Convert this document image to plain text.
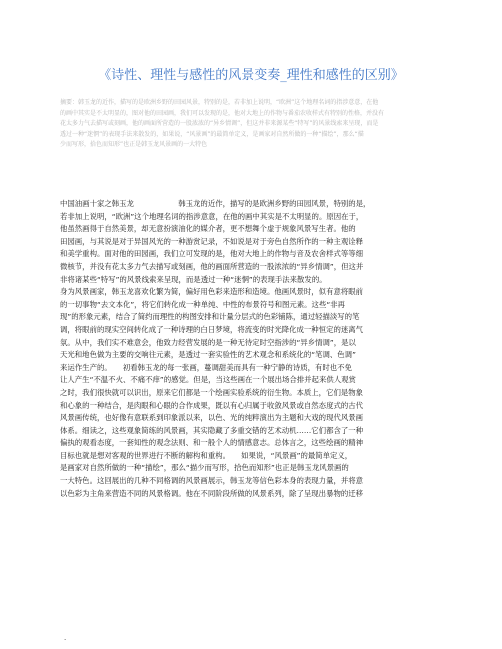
《诗性、理性与感性的风景变奏_理性和感性的区别》
摘要：韩玉龙的近作，描写的是欧洲乡野的田园风景，特别的是，若非加上说明，“欧洲”这个地理名词的指涉意意，在他
的画中其实是不太明显的，图对他的田园画，我们可以发现的是，他对大地上的作物与番茄农收样式有特别的性格，并没有
花太多力气去描写或刻画，他的画面所营造的一股浓浓的“异乡情调”，但这并非来源某些“特写”的风景线索来呈现，而是
透过一种“迷惘”的表现手法来散发的，如果说，“风景画”的最简单定义，是画家对自然所做的一种“描绘”，那么“描
少而写形，拾色而知形”也正是韩玉龙风景画的一大特色
中国油画十家之韩玉龙　　　　　　韩玉龙的近作，描写的是欧洲乡野的田园风景，特别的是，
若非加上说明，“欧洲”这个地理名词的指涉意意，在他的画中其实是不太明显的。原因在于，
他虽然画得于自然美景，却无意扮演油化的媒介者，更不想舞个虚于规象风景写生者。他的
田园画，与其说是对于异国风光的一种游赏记录，不如说是对于旁色自然所作的一种主观诠释
和美学重构。面对他的田园画，我们立可发现的是，他对大地上的作物与音及农舍样式等等细
微核节，并没有花太多力气去描写或刻画，他的画面所营造的一股浓浓的“异乡情调”，但这并
非将诸某些“特写”的风景线索来呈现，而是透过一种“迷惘”的表现手法来散发的。
身为风景画家，韩玉龙喜欢化繁为简，偏好用色彩来造形和造境。他画风景时，似有意将眼前
的一切事物“去文本化”，将它们转化成一种单纯、中性的布景符号和图元素。这些“非再
现”的形象元素，结合了简约而理性的构图安排和计量分层式的色彩铺陈，通过轻描淡写的笔
调，将眼前的现实空间转化成了一种诗理的白日梦境，将流变的时光降化成一种恒定的迷离气
氛。从中，我们实不难意会，他致力经营发展的是一种无待定时空指涉的“异乡情调”，是以
天光和地色做为主要的交响往元素，是透过一套实验性的艺术观念和系统化的“笔调、色调”
来运作生产的。　　初看韩玉龙的每一张画，蔓调甜美而具有一种宁静的诗质，有时也不免
让人产生“不温不火、不痛不痒”的感觉。但是，当这些画在一个展出场合排并起来供人观赏
之时，我们很快就可以识出，原来它们都是一个绘画实验系统的衍生物。本质上，它们是物象
和心象的一种结合，是肉眼和心眼的合作成果，既以有心归属于收敛风景或自然态度式的古代
风景画传统，也好像有意联系到印象派以来，以色、光的纯粹演出为主题和大戏的现代风景画
体系。细读之，这些观象简练的风景画，其实隐藏了多重交错的艺术动机……它们都含了一种
偏执的观看态度，一套知性的观念法则、和一般个人的情感意志。总体言之，这些绘画的精神
目标也就是想对客观的世界进行不断的解构和重构。　　如果说，“风景画”的最简单定义，
是画家对自然所做的一种“描绘”，那么“描少而写形，拾色而知形”也正是韩玉龙风景画的
一大特色。这回展出的几种不同格调的风景画展示，韩玉龙等信色彩本身的表现力量，并将意
以色彩为主角来营造不同的风景格调。他在不同阶段所做的风景系列，除了呈现出暴物的迁移
.
